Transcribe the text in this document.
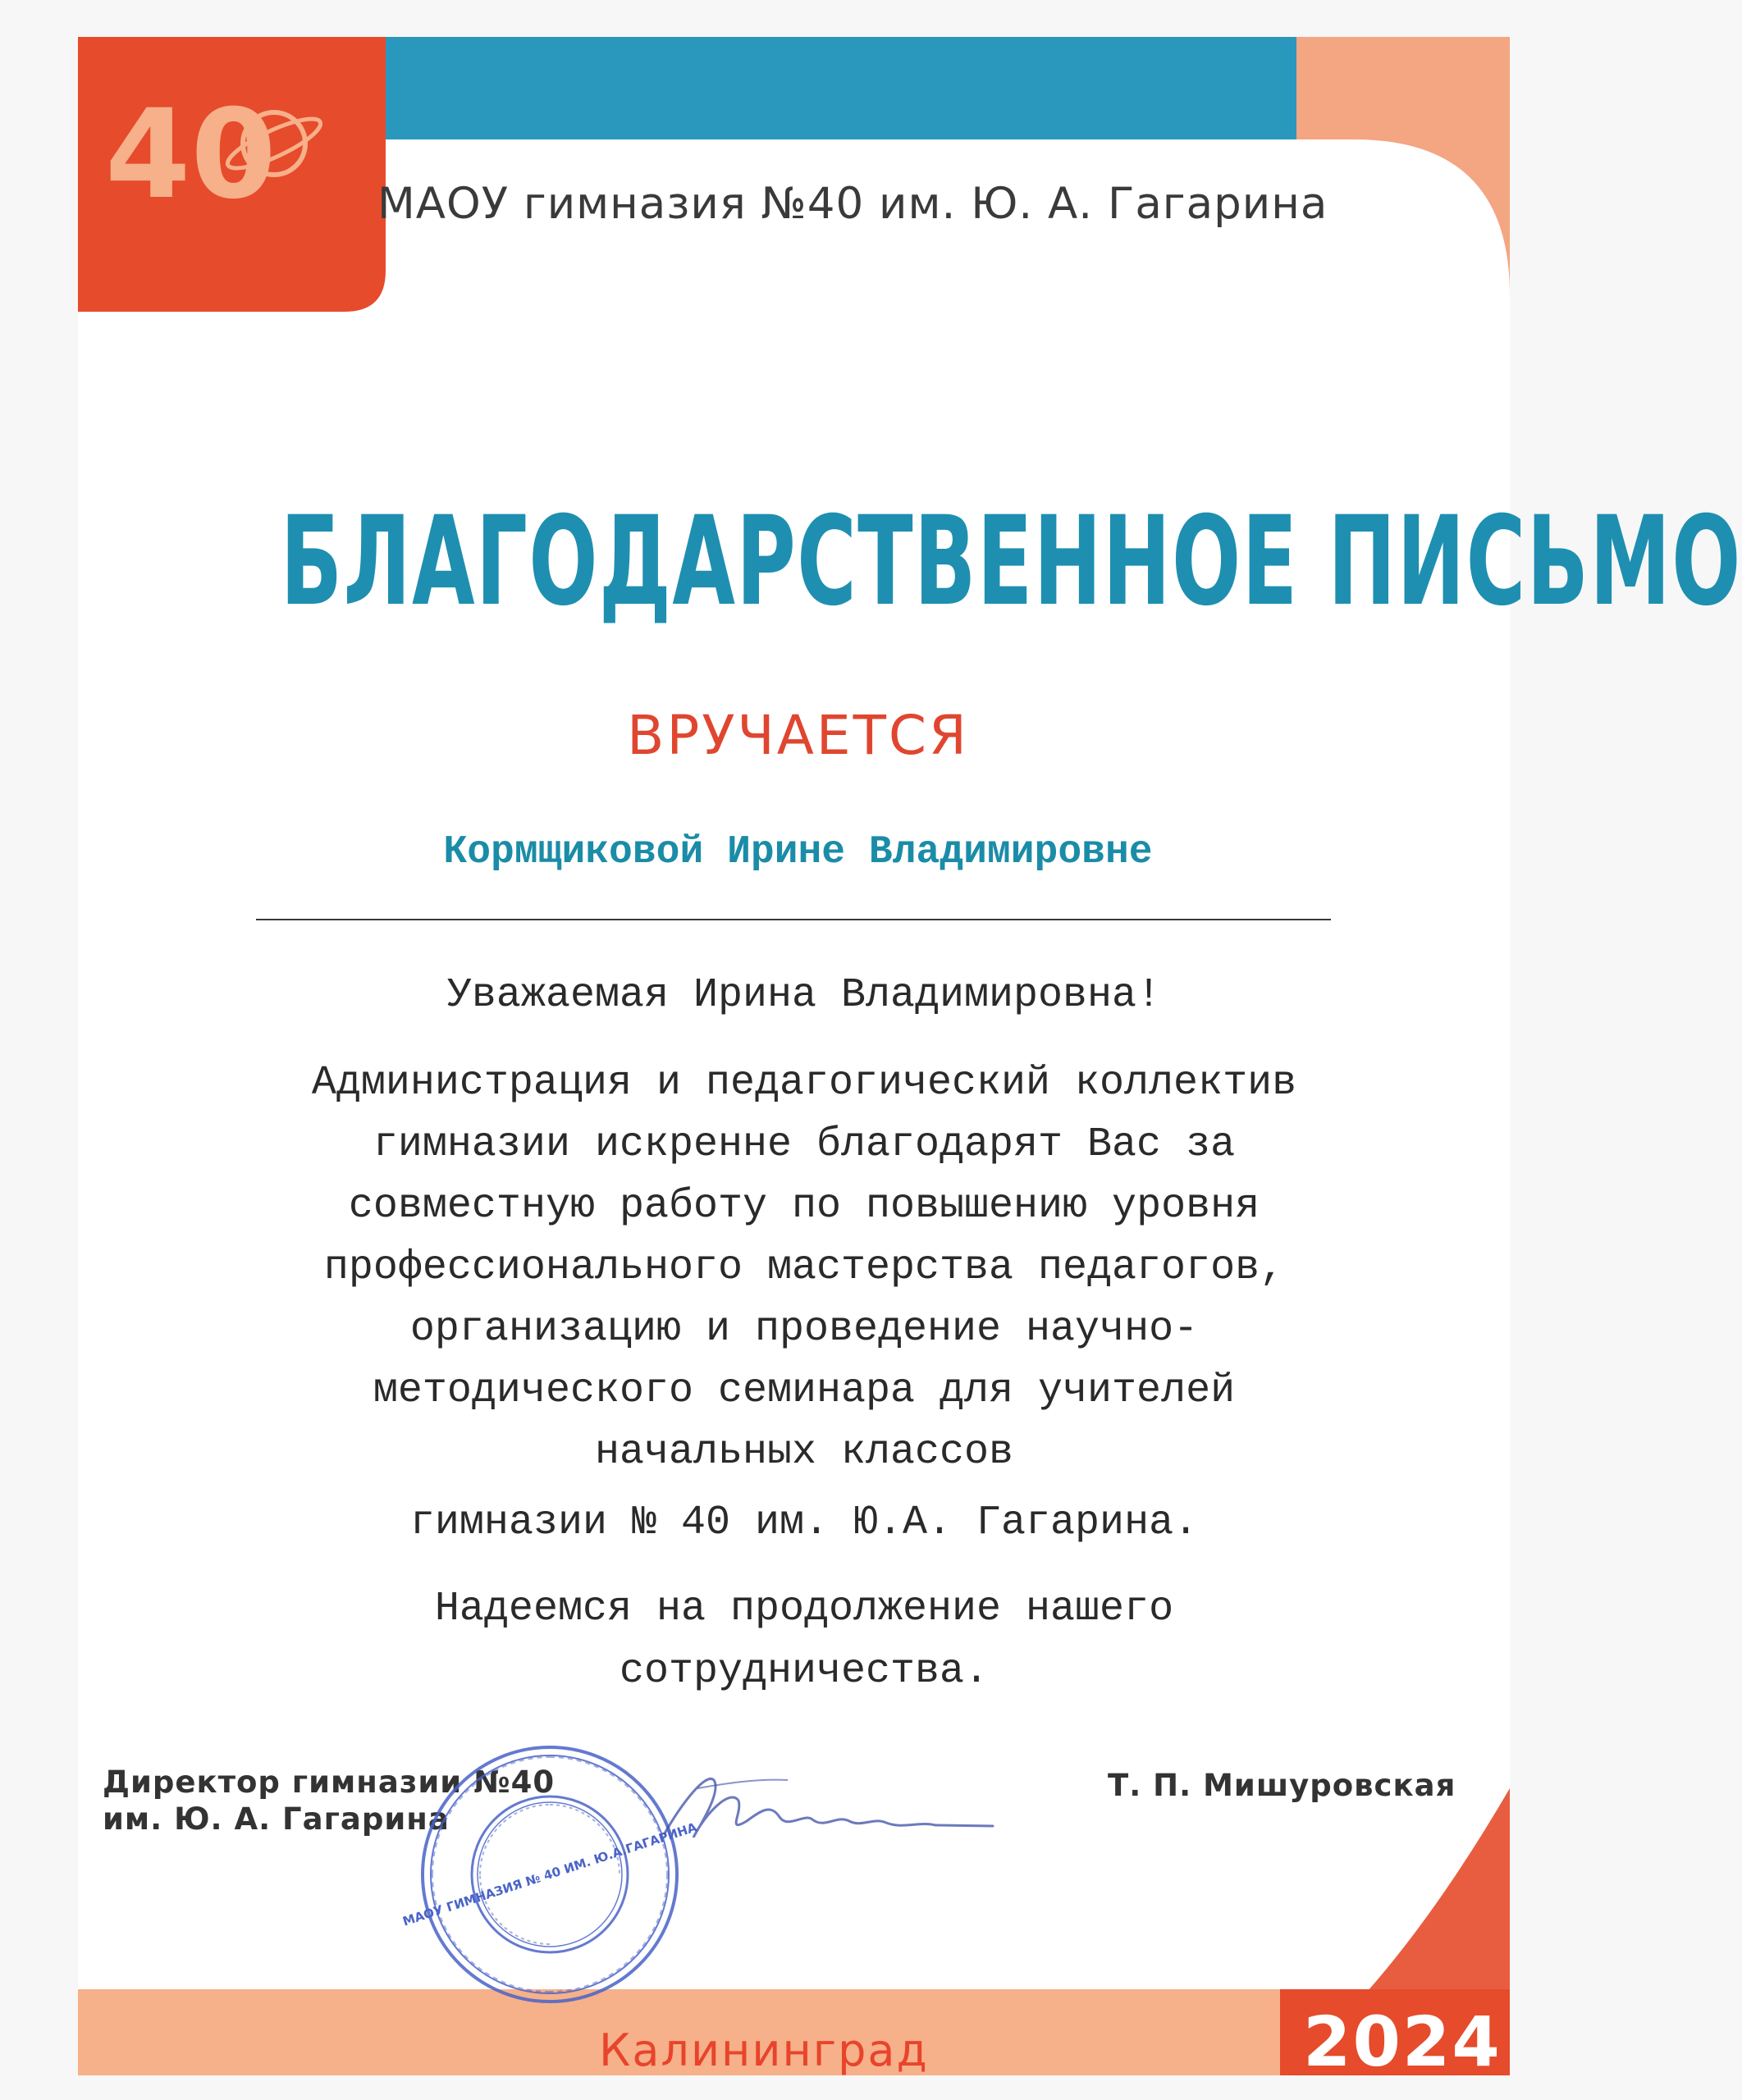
40 МАОУ гимназия №40 им. Ю. А. Гагарина
БЛАГОДАРСТВЕННОЕ ПИСЬМО
ВРУЧАЕТСЯ
Кормщиковой Ирине Владимировне
Уважаемая Ирина Владимировна!
Администрация и педагогический коллектив
гимназии искренне благодарят Вас за
совместную работу по повышению уровня
профессионального мастерства педагогов,
организацию и проведение научно-
методического семинара для учителей
начальных классов
гимназии № 40 им. Ю.А. Гагарина.
Надеемся на продолжение нашего
сотрудничества.
Директор гимназии №40
им. Ю. А. Гагарина
Т. П. Мишуровская
МАОУ ГИМНАЗИЯ № 40 ИМ. Ю.А.ГАГАРИНА
Калининград	2024
